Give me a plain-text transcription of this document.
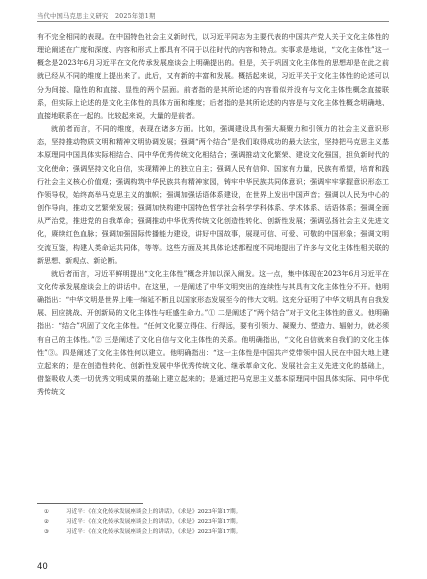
当代中国马克思主义研究　2025年第1期

有不完全相同的表现。在中国特色社会主义新时代，以习近平同志为主要代表的中国共产党人关于文化主体性的理论阐述在广度和深度、内容和形式上都具有不同于以往时代的内容和特点。实事求是地说，“文化主体性”这一概念是2023年6月习近平在文化传承发展座谈会上明确提出的。但是，关于巩固文化主体性的思想却是在此之前就已经从不同的维度上提出来了。此后，又有新的丰富和发展。概括起来说，习近平关于文化主体性的论述可以分为间接、隐性的和直接、显性的两个层面。前者指的是其所论述的内容看似并没有与文化主体性概念直接联系，但实际上论述的是文化主体性的具体方面和维度；后者指的是其所论述的内容是与文化主体性概念明确地、直接地联系在一起的。比较起来说，大量的是前者。

就前者而言，不同的维度，表现在诸多方面。比如，强调建设具有强大凝聚力和引领力的社会主义意识形态，坚持推动物质文明和精神文明协调发展；强调“两个结合”是我们取得成功的最大法宝，坚持把马克思主义基本原理同中国具体实际相结合、同中华优秀传统文化相结合；强调推动文化繁荣、建设文化强国，担负新时代的文化使命；强调坚持文化自信，实现精神上的独立自主；强调人民有信仰、国家有力量，民族有希望，培育和践行社会主义核心价值观；强调构筑中华民族共有精神家园，铸牢中华民族共同体意识；强调牢牢掌握意识形态工作领导权，始终高举马克思主义的旗帜；强调加强话语体系建设，在世界上发出中国声音；强调以人民为中心的创作导向，推动文艺繁荣发展；强调加快构建中国特色哲学社会科学学科体系、学术体系、话语体系；强调全面从严治党，推进党的自我革命；强调推动中华优秀传统文化创造性转化、创新性发展；强调弘扬社会主义先进文化，赓续红色血脉；强调加强国际传播能力建设，讲好中国故事，展现可信、可爱、可敬的中国形象；强调文明交流互鉴，构建人类命运共同体，等等。这些方面及其具体论述都程度不同地提出了许多与文化主体性相关联的新思想、新观点、新论断。

就后者而言，习近平鲜明提出“文化主体性”概念并加以深入阐发。这一点，集中体现在2023年6月习近平在文化传承发展座谈会上的讲话中。在这里，一是阐述了中华文明突出的连续性与其具有文化主体性分不开。他明确指出：“中华文明是世界上唯一绵延不断且以国家形态发展至今的伟大文明。这充分证明了中华文明具有自我发展、回应挑战、开创新局的文化主体性与旺盛生命力。”① 二是阐述了“两个结合”对于文化主体性的意义。他明确指出：“结合”巩固了文化主体性。“任何文化要立得住、行得远，要有引领力、凝聚力、塑造力、辐射力，就必须有自己的主体性。”② 三是阐述了文化自信与文化主体性的关系。他明确指出，“文化自信就来自我们的文化主体性”③。四是阐述了文化主体性何以建立。他明确指出：“这一主体性是中国共产党带领中国人民在中国大地上建立起来的；是在创造性转化、创新性发展中华优秀传统文化、继承革命文化、发展社会主义先进文化的基础上，借鉴吸收人类一切优秀文明成果的基础上建立起来的；是通过把马克思主义基本原理同中国具体实际、同中华优秀传统文

①	习近平：《在文化传承发展座谈会上的讲话》，《求是》2023年第17期。
②	习近平：《在文化传承发展座谈会上的讲话》，《求是》2023年第17期。
③	习近平：《在文化传承发展座谈会上的讲话》，《求是》2023年第17期。
40
